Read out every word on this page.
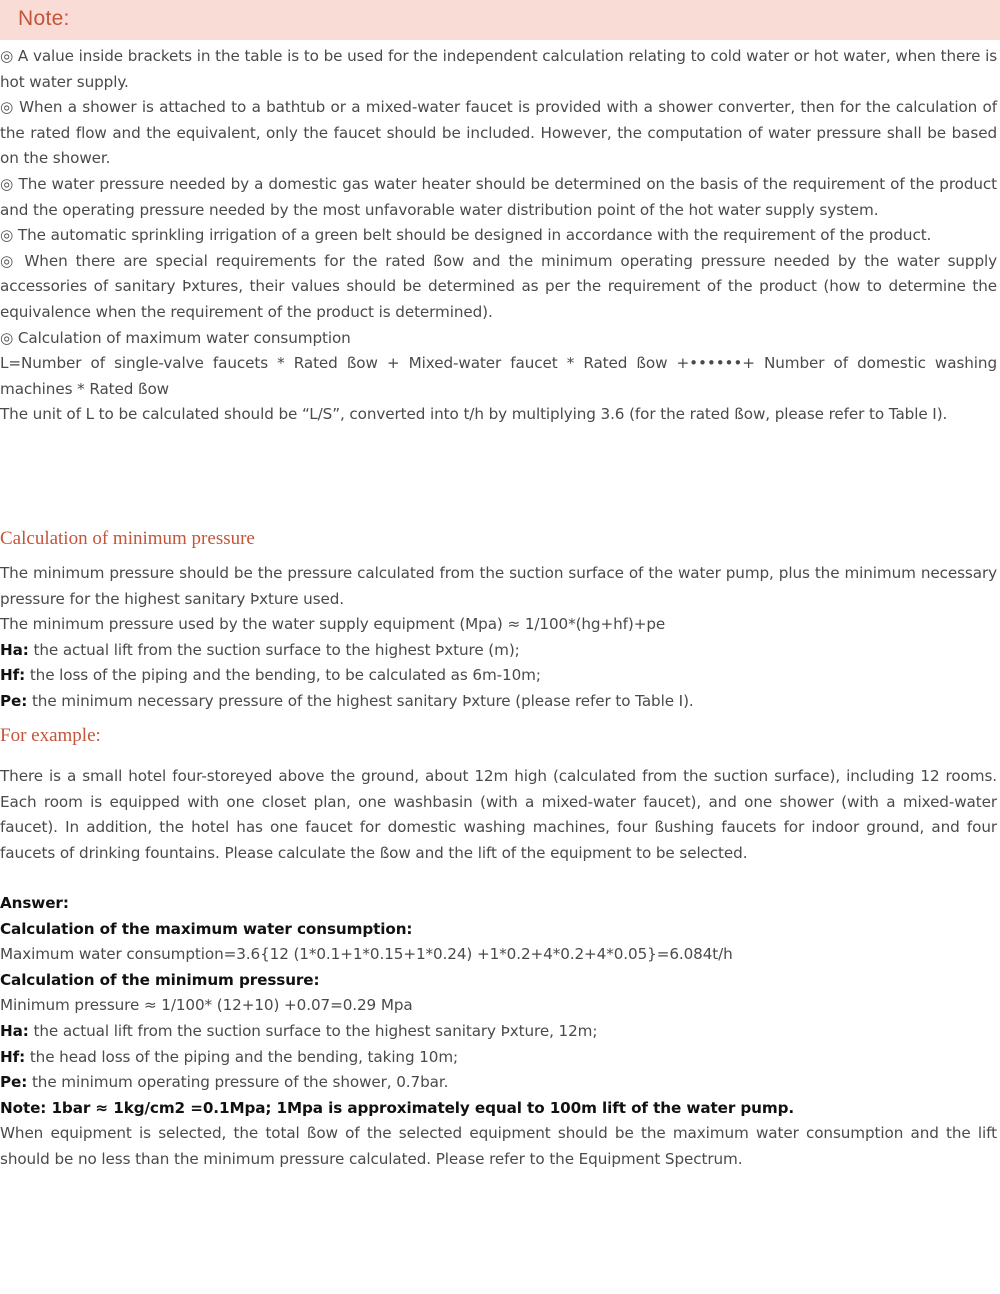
Note:

◎ A value inside brackets in the table is to be used for the independent calculation relating to cold water or hot water, when there is hot water supply.

◎ When a shower is attached to a bathtub or a mixed-water faucet is provided with a shower converter, then for the calculation of the rated flow and the equivalent, only the faucet should be included. However, the computation of water pressure shall be based on the shower.

◎ The water pressure needed by a domestic gas water heater should be determined on the basis of the requirement of the product and the operating pressure needed by the most unfavorable water distribution point of the hot water supply system.

◎ The automatic sprinkling irrigation of a green belt should be designed in accordance with the requirement of the product.

◎ When there are special requirements for the rated ßow and the minimum operating pressure needed by the water supply accessories of sanitary Þxtures, their values should be determined as per the requirement of the product (how to determine the equivalence when the requirement of the product is determined).

◎ Calculation of maximum water consumption

L=Number of single-valve faucets * Rated ßow + Mixed-water faucet * Rated ßow +••••••+ Number of domestic washing machines * Rated ßow

The unit of L to be calculated should be “L/S”, converted into t/h by multiplying 3.6 (for the rated ßow, please refer to Table I).

Calculation of minimum pressure

The minimum pressure should be the pressure calculated from the suction surface of the water pump, plus the minimum necessary pressure for the highest sanitary Þxture used.

The minimum pressure used by the water supply equipment (Mpa) ≈ 1/100*(hg+hf)+pe

Ha: the actual lift from the suction surface to the highest Þxture (m);

Hf: the loss of the piping and the bending, to be calculated as 6m-10m;

Pe: the minimum necessary pressure of the highest sanitary Þxture (please refer to Table I).

For example:

There is a small hotel four-storeyed above the ground, about 12m high (calculated from the suction surface), including 12 rooms. Each room is equipped with one closet plan, one washbasin (with a mixed-water faucet), and one shower (with a mixed-water faucet). In addition, the hotel has one faucet for domestic washing machines, four ßushing faucets for indoor ground, and four faucets of drinking fountains. Please calculate the ßow and the lift of the equipment to be selected.

Answer:

Calculation of the maximum water consumption:

Maximum water consumption=3.6{12 (1*0.1+1*0.15+1*0.24) +1*0.2+4*0.2+4*0.05}=6.084t/h

Calculation of the minimum pressure:

Minimum pressure ≈ 1/100* (12+10) +0.07=0.29 Mpa

Ha: the actual lift from the suction surface to the highest sanitary Þxture, 12m;

Hf: the head loss of the piping and the bending, taking 10m;

Pe: the minimum operating pressure of the shower, 0.7bar.

Note: 1bar ≈ 1kg/cm2 =0.1Mpa; 1Mpa is approximately equal to 100m lift of the water pump.

When equipment is selected, the total ßow of the selected equipment should be the maximum water consumption and the lift should be no less than the minimum pressure calculated. Please refer to the Equipment Spectrum.
